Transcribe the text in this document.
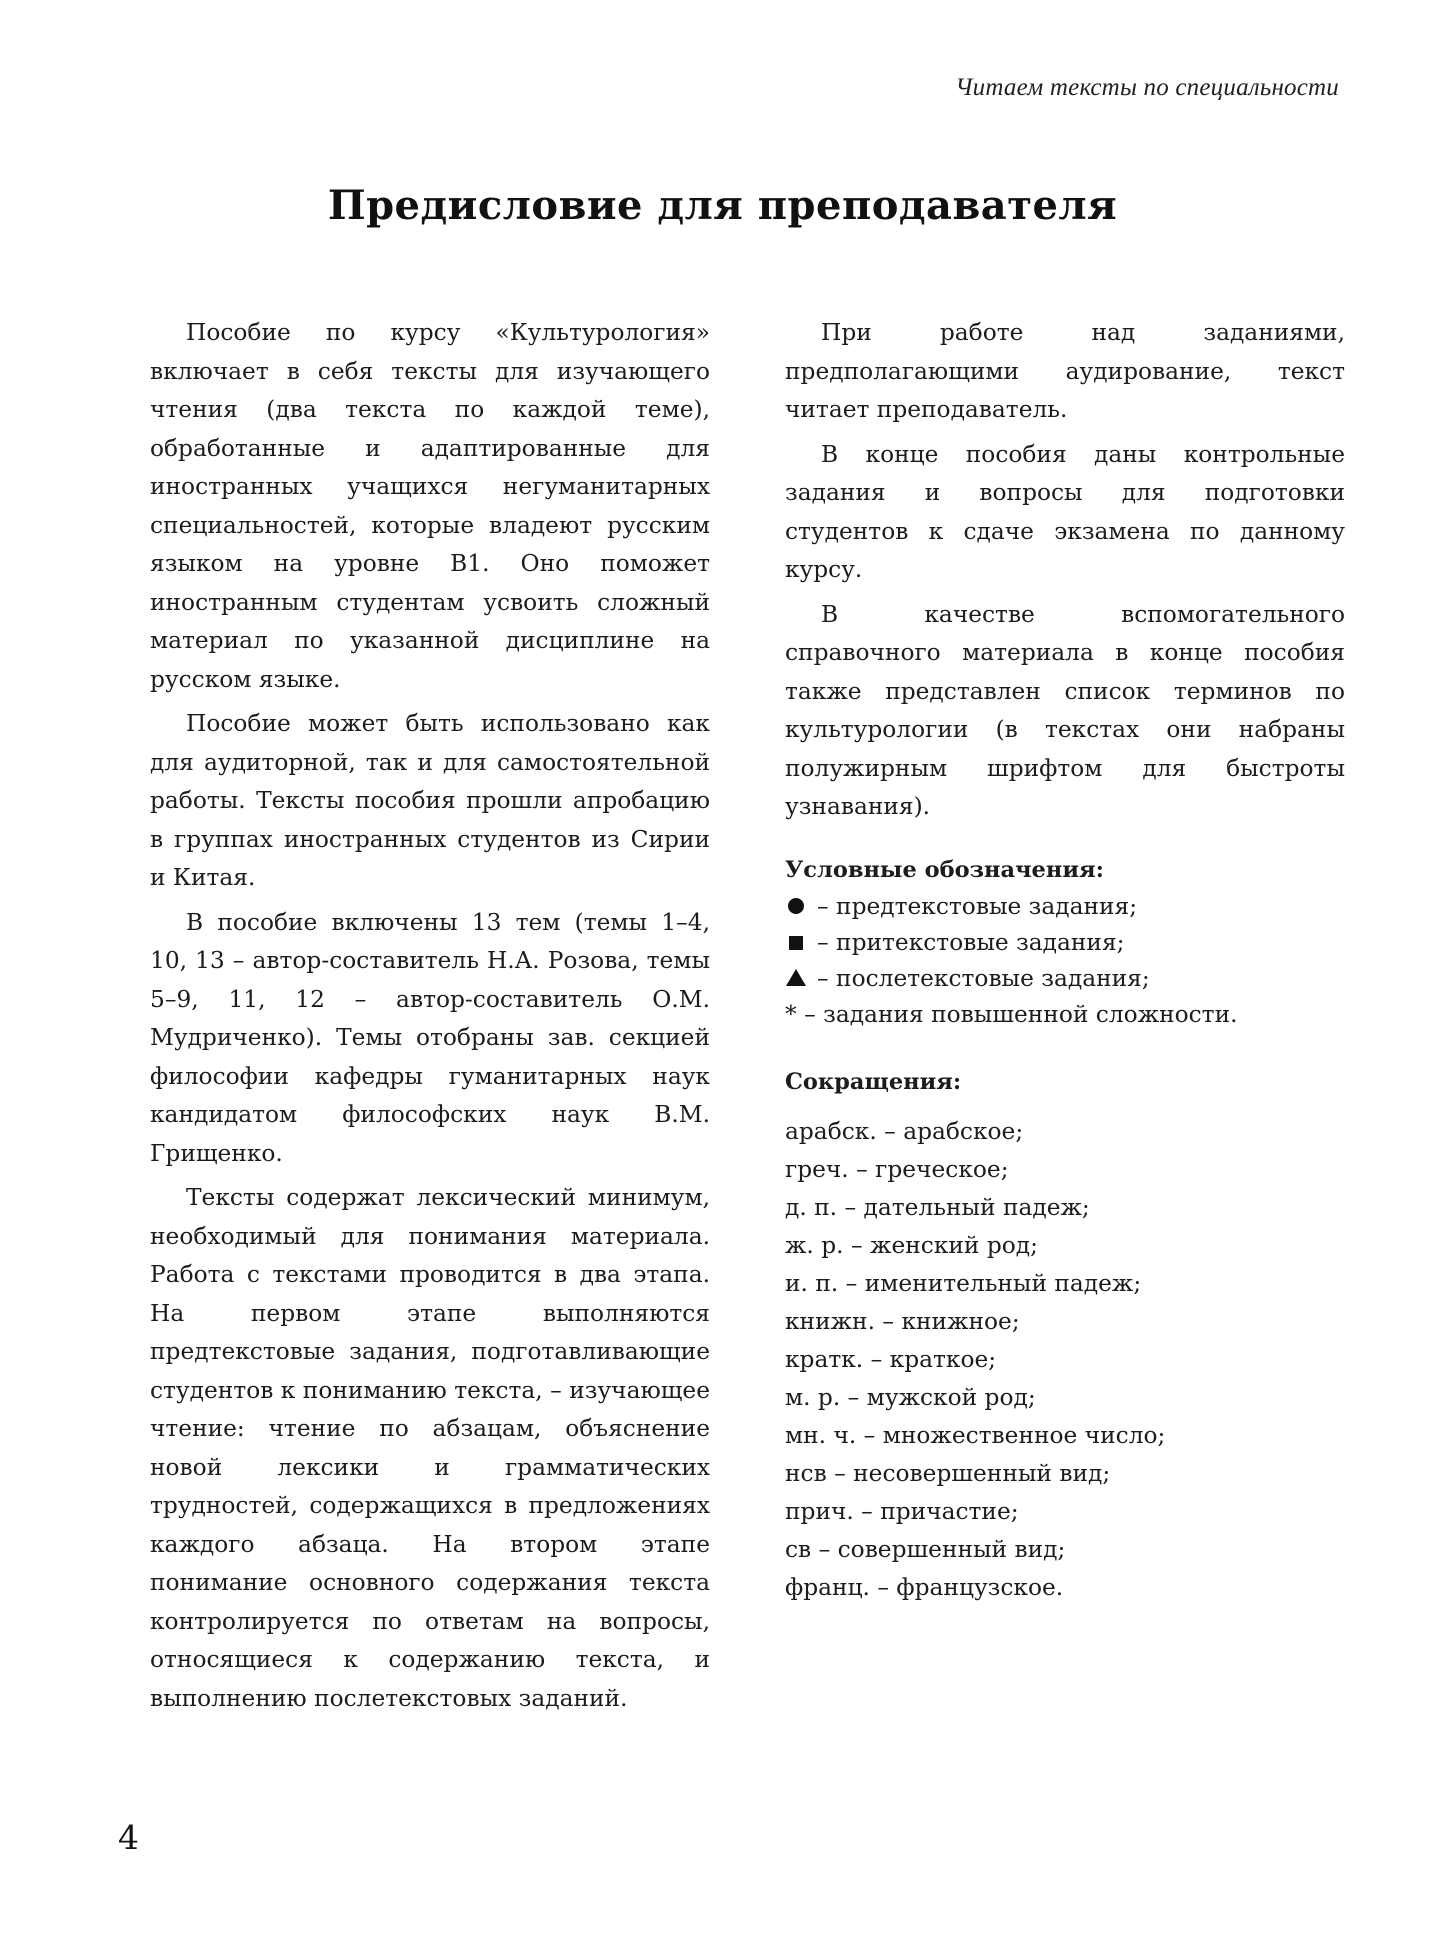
Читаем тексты по специальности
Предисловие для преподавателя

Пособие по курсу «Культурология» включает в себя тексты для изучающего чтения (два текста по каждой теме), обработанные и адаптированные для иностранных учащихся негуманитарных специальностей, которые владеют русским языком на уровне В1. Оно поможет иностранным студентам усвоить сложный материал по указанной дисциплине на русском языке.

Пособие может быть использовано как для аудиторной, так и для самостоятельной работы. Тексты пособия прошли апробацию в группах иностранных студентов из Сирии и Китая.

В пособие включены 13 тем (темы 1–4, 10, 13 – автор-составитель Н.А. Розова, темы 5–9, 11, 12 – автор-составитель О.М. Мудриченко). Темы отобраны зав. секцией философии кафедры гуманитарных наук кандидатом философских наук В.М. Грищенко.

Тексты содержат лексический минимум, необходимый для понимания материала. Работа с текстами проводится в два этапа. На первом этапе выполняются предтекстовые задания, подготавливающие студентов к пониманию текста, – изучающее чтение: чтение по абзацам, объяснение новой лексики и грамматических трудностей, содержащихся в предложениях каждого абзаца. На втором этапе понимание основного содержания текста контролируется по ответам на вопросы, относящиеся к содержанию текста, и выполнению послетекстовых заданий.

При работе над заданиями, предполагающими аудирование, текст читает преподаватель.

В конце пособия даны контрольные задания и вопросы для подготовки студентов к сдаче экзамена по данному курсу.

В качестве вспомогательного справочного материала в конце пособия также представлен список терминов по культурологии (в текстах они набраны полужирным шрифтом для быстроты узнавания).

Условные обозначения:
– предтекстовые задания;
– притекстовые задания;
– послетекстовые задания;
* – задания повышенной сложности.
Сокращения:
арабск. – арабское;
греч. – греческое;
д. п. – дательный падеж;
ж. р. – женский род;
и. п. – именительный падеж;
книжн. – книжное;
кратк. – краткое;
м. р. – мужской род;
мн. ч. – множественное число;
нсв – несовершенный вид;
прич. – причастие;
св – совершенный вид;
франц. – французское.
4
